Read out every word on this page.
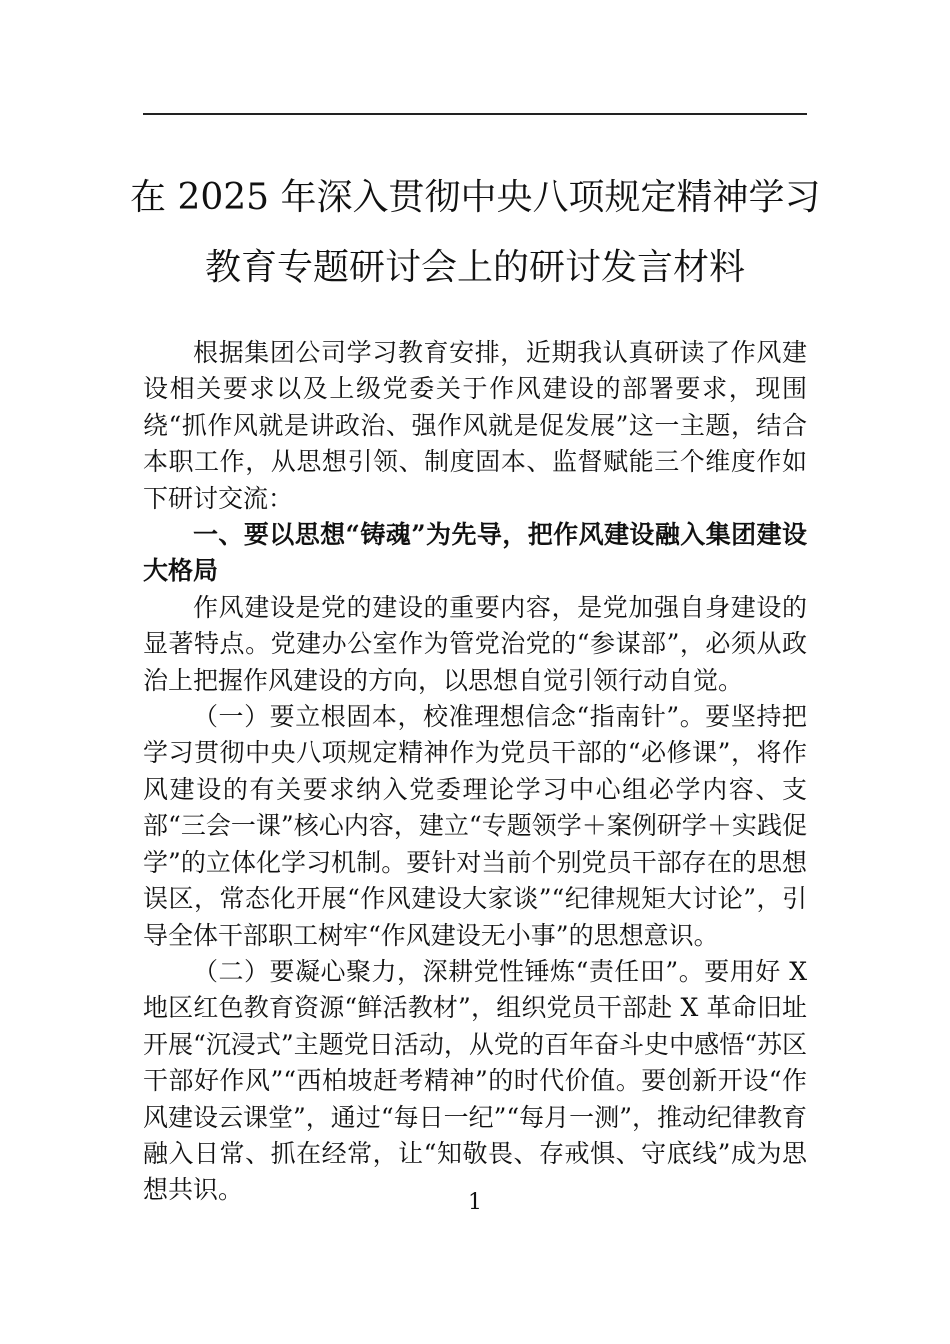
在 2025 年深入贯彻中央八项规定精神学习
教育专题研讨会上的研讨发言材料

根据集团公司学习教育安排，近期我认真研读了作风建设相关要求以及上级党委关于作风建设的部署要求，现围绕“抓作风就是讲政治、强作风就是促发展”这一主题，结合本职工作，从思想引领、制度固本、监督赋能三个维度作如下研讨交流：

一、要以思想“铸魂”为先导，把作风建设融入集团建设大格局

作风建设是党的建设的重要内容，是党加强自身建设的显著特点。党建办公室作为管党治党的“参谋部”，必须从政治上把握作风建设的方向，以思想自觉引领行动自觉。

（一）要立根固本，校准理想信念“指南针”。要坚持把学习贯彻中央八项规定精神作为党员干部的“必修课”，将作风建设的有关要求纳入党委理论学习中心组必学内容、支部“三会一课”核心内容，建立“专题领学＋案例研学＋实践促学”的立体化学习机制。要针对当前个别党员干部存在的思想误区，常态化开展“作风建设大家谈”“纪律规矩大讨论”，引导全体干部职工树牢“作风建设无小事”的思想意识。

（二）要凝心聚力，深耕党性锤炼“责任田”。要用好 X 地区红色教育资源“鲜活教材”，组织党员干部赴 X 革命旧址开展“沉浸式”主题党日活动，从党的百年奋斗史中感悟“苏区干部好作风”“西柏坡赶考精神”的时代价值。要创新开设“作风建设云课堂”，通过“每日一纪”“每月一测”，推动纪律教育融入日常、抓在经常，让“知敬畏、存戒惧、守底线”成为思想共识。	1
